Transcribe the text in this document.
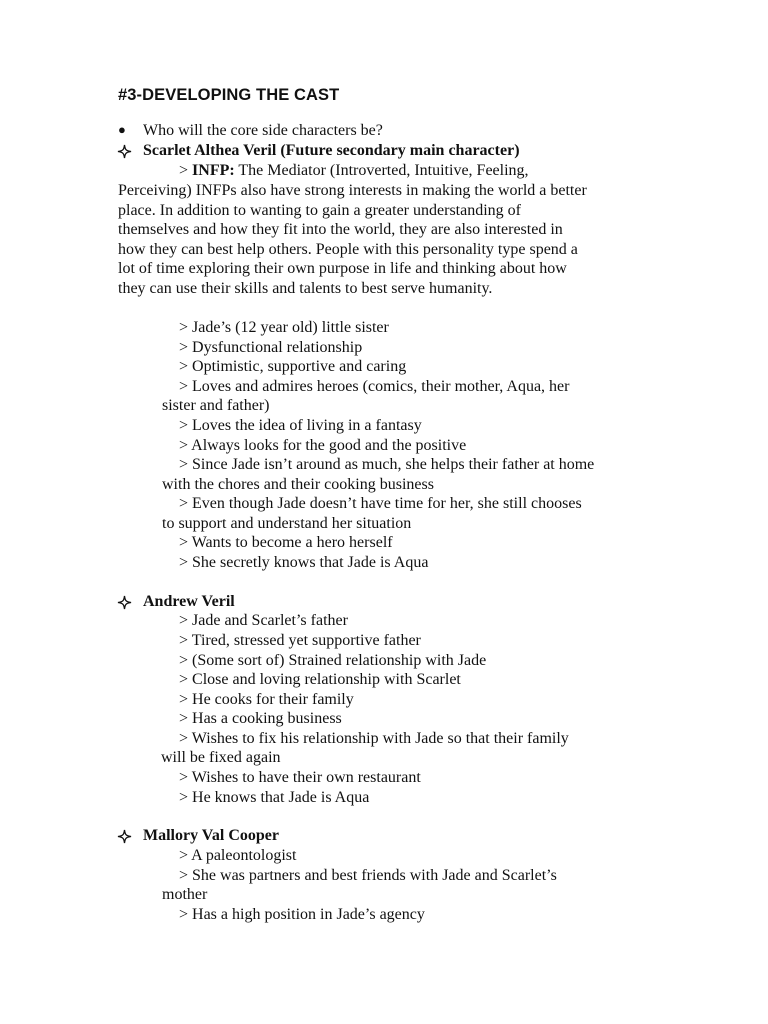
#3-DEVELOPING THE CAST
● Who will the core side characters be?
Scarlet Althea Veril (Future secondary main character)
> INFP: The Mediator (Introverted, Intuitive, Feeling,
Perceiving) INFPs also have strong interests in making the world a better
place. In addition to wanting to gain a greater understanding of
themselves and how they fit into the world, they are also interested in
how they can best help others. People with this personality type spend a
lot of time exploring their own purpose in life and thinking about how
they can use their skills and talents to best serve humanity.
> Jade’s (12 year old) little sister
> Dysfunctional relationship
> Optimistic, supportive and caring
> Loves and admires heroes (comics, their mother, Aqua, her
sister and father)
> Loves the idea of living in a fantasy
> Always looks for the good and the positive
> Since Jade isn’t around as much, she helps their father at home
with the chores and their cooking business
> Even though Jade doesn’t have time for her, she still chooses
to support and understand her situation
> Wants to become a hero herself
> She secretly knows that Jade is Aqua
Andrew Veril
> Jade and Scarlet’s father
> Tired, stressed yet supportive father
> (Some sort of) Strained relationship with Jade
> Close and loving relationship with Scarlet
> He cooks for their family
> Has a cooking business
> Wishes to fix his relationship with Jade so that their family
will be fixed again
> Wishes to have their own restaurant
> He knows that Jade is Aqua
Mallory Val Cooper
> A paleontologist
> She was partners and best friends with Jade and Scarlet’s
mother
> Has a high position in Jade’s agency
